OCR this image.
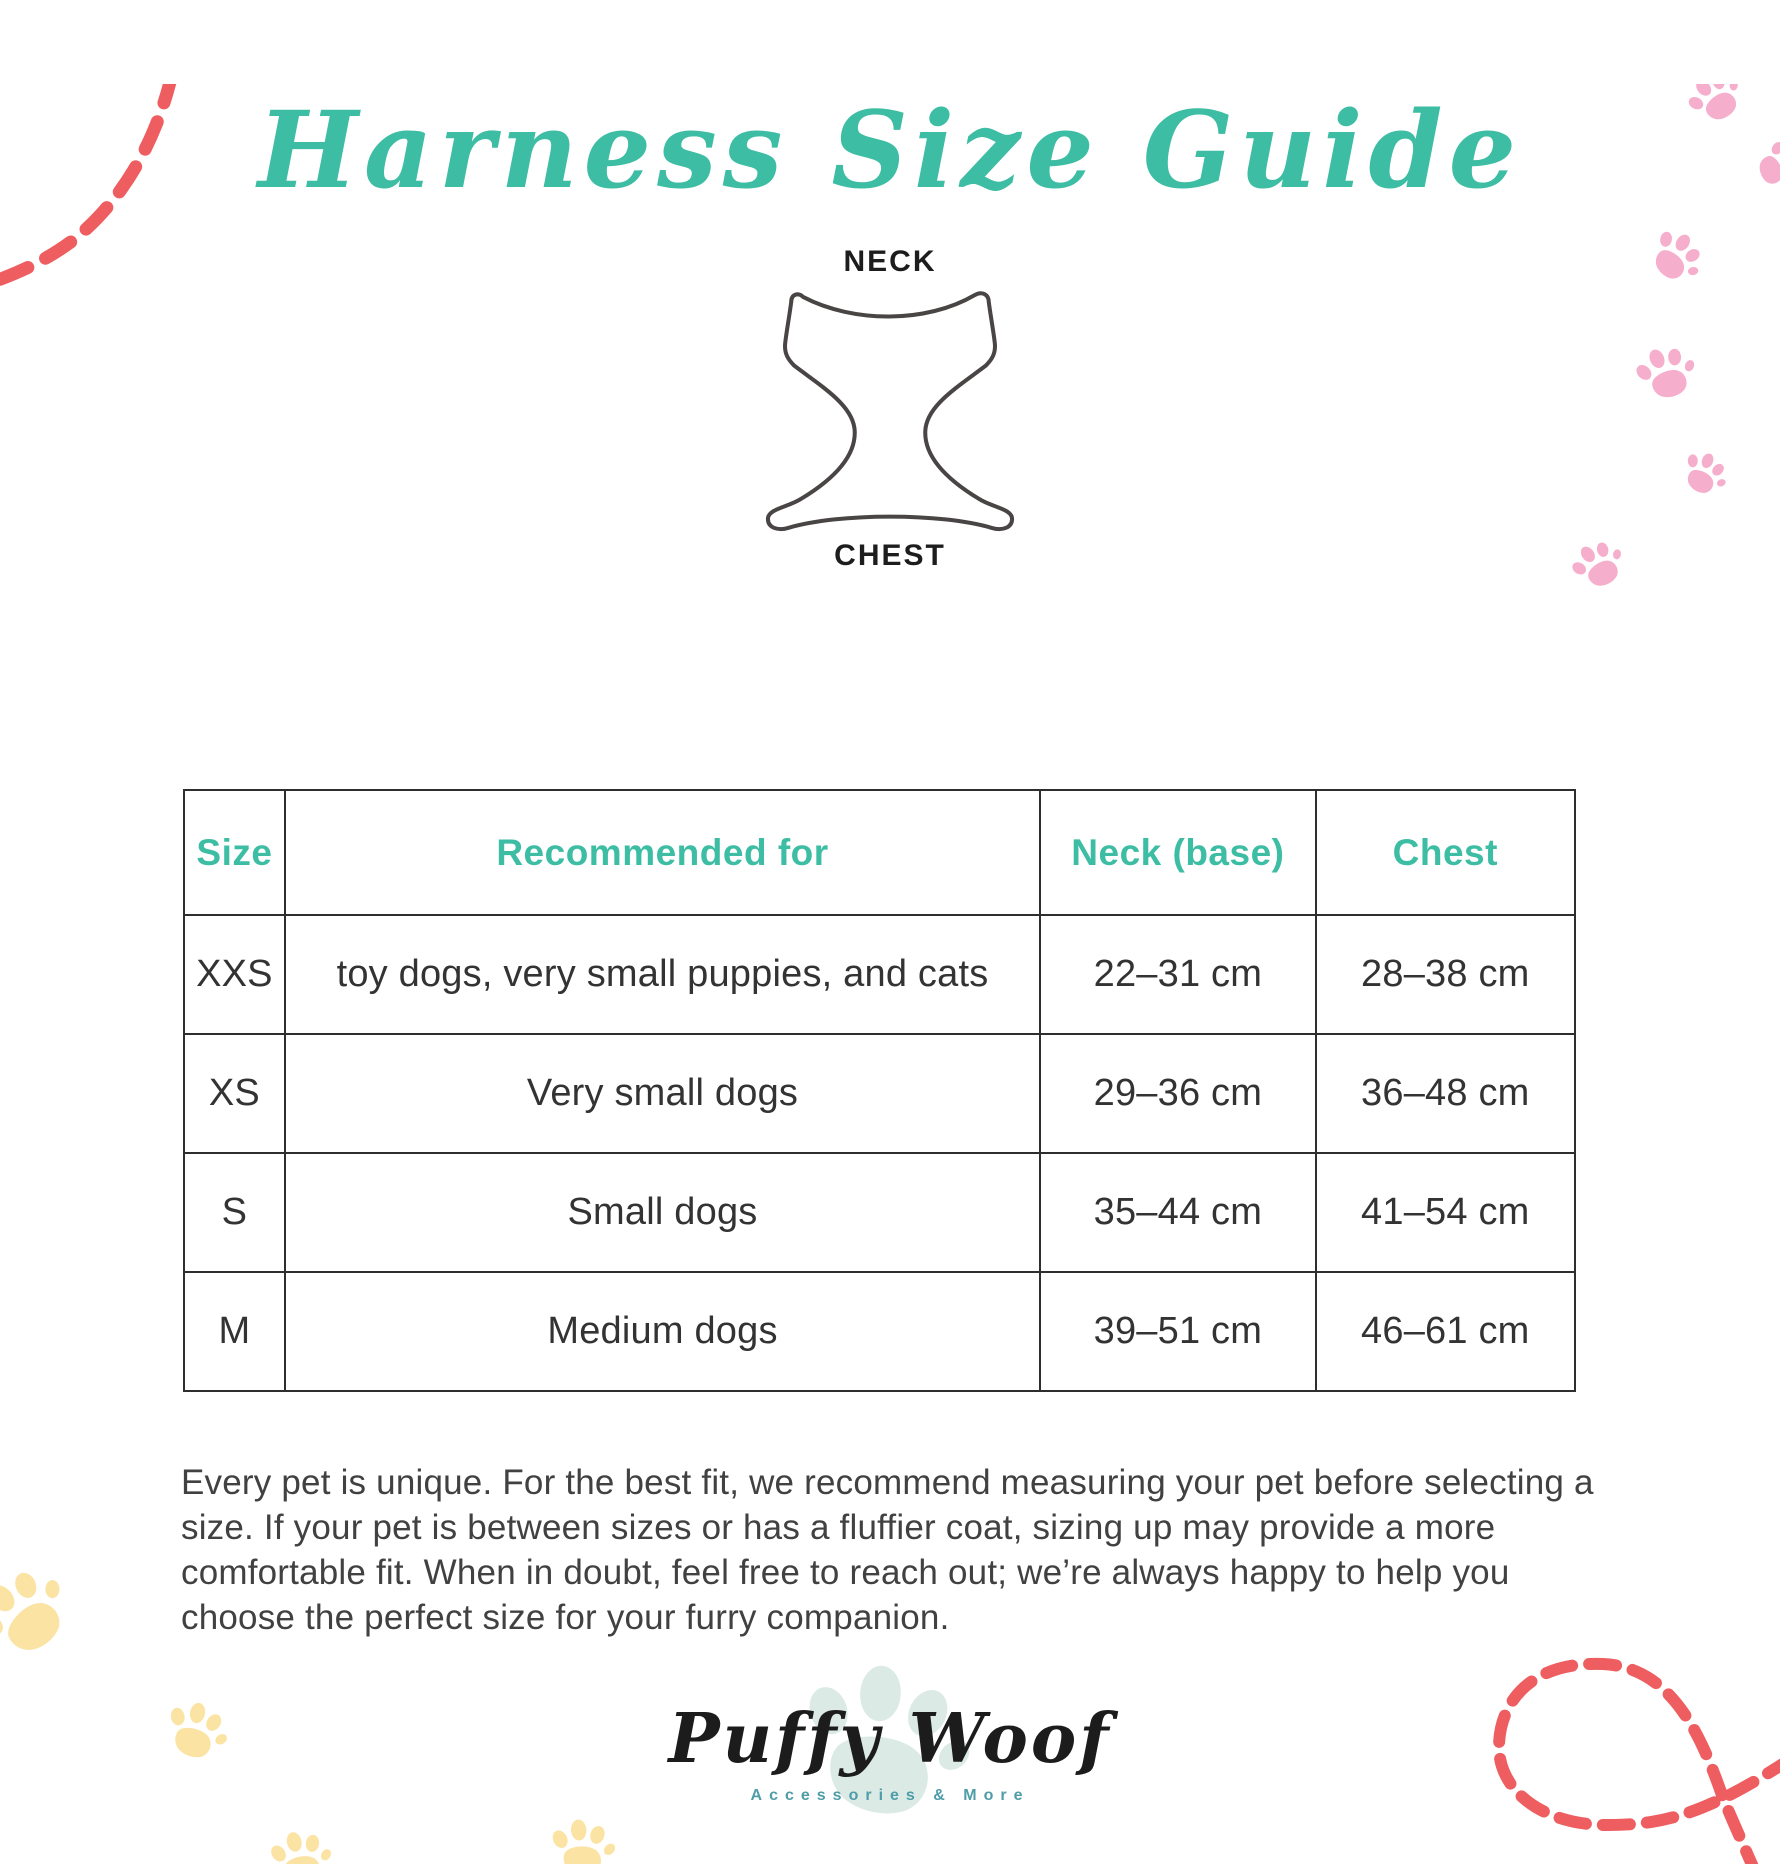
Harness Size Guide
NECK
CHEST
Size	Recommended for	Neck (base)	Chest
XXS	toy dogs, very small puppies, and cats	22–31 cm	28–38 cm
XS	Very small dogs	29–36 cm	36–48 cm
S	Small dogs	35–44 cm	41–54 cm
M	Medium dogs	39–51 cm	46–61 cm
Every pet is unique. For the best fit, we recommend measuring your pet before selecting a size. If your pet is between sizes or has a fluffier coat, sizing up may provide a more comfortable fit. When in doubt, feel free to reach out; we’re always happy to help you choose the perfect size for your furry companion.
Puffy Woof
Accessories & More
